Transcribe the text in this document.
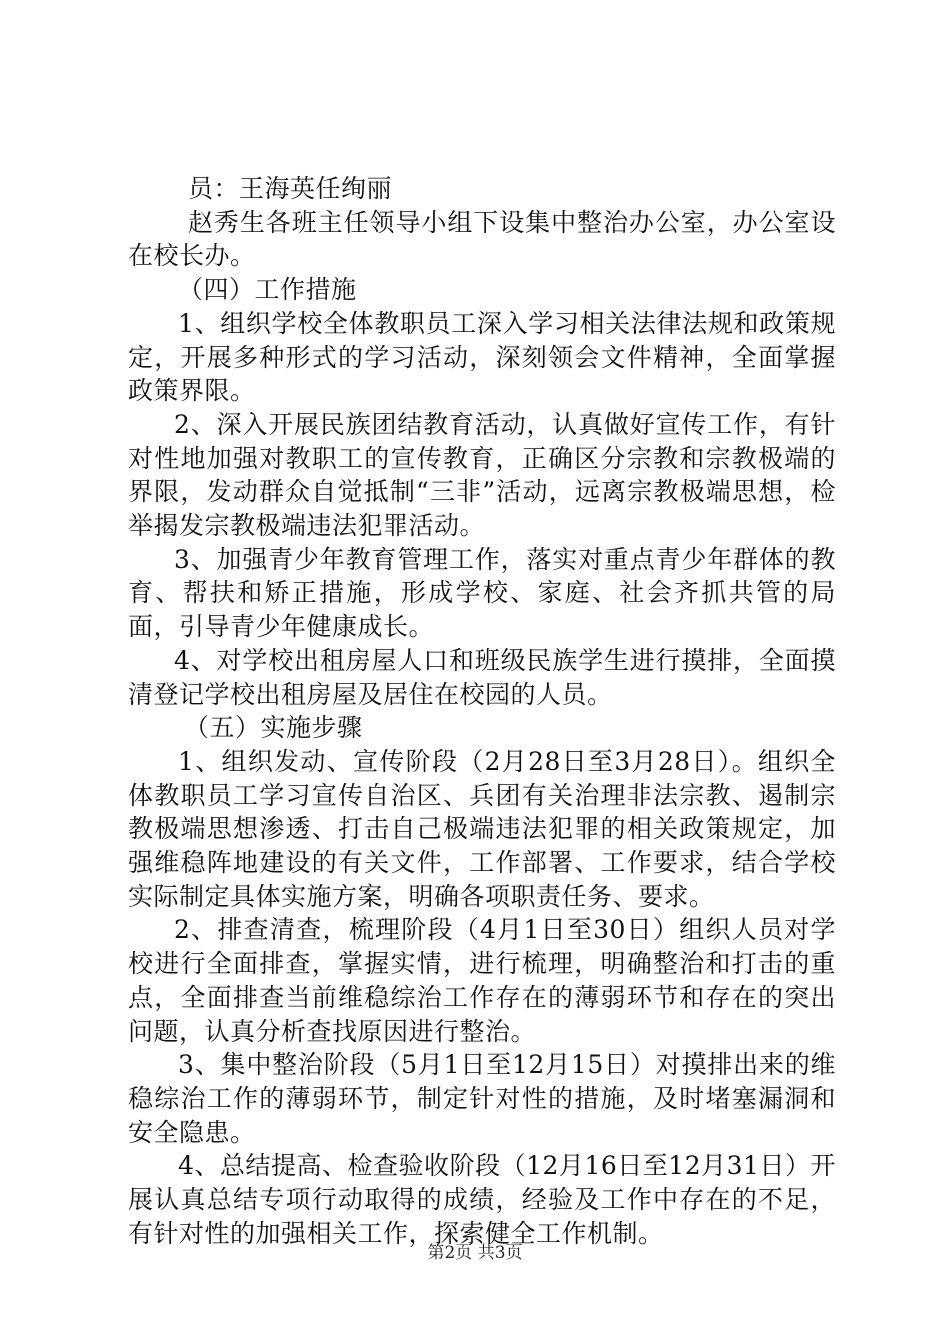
员：王海英任绚丽

赵秀生各班主任领导小组下设集中整治办公室，办公室设在校长办。

（四）工作措施

1、组织学校全体教职员工深入学习相关法律法规和政策规定，开展多种形式的学习活动，深刻领会文件精神，全面掌握政策界限。

2、深入开展民族团结教育活动，认真做好宣传工作，有针对性地加强对教职工的宣传教育，正确区分宗教和宗教极端的界限，发动群众自觉抵制“三非”活动，远离宗教极端思想，检举揭发宗教极端违法犯罪活动。

3、加强青少年教育管理工作，落实对重点青少年群体的教育、帮扶和矫正措施，形成学校、家庭、社会齐抓共管的局面，引导青少年健康成长。

4、对学校出租房屋人口和班级民族学生进行摸排，全面摸清登记学校出租房屋及居住在校园的人员。

（五）实施步骤

1、组织发动、宣传阶段（2月28日至3月28日）。组织全体教职员工学习宣传自治区、兵团有关治理非法宗教、遏制宗教极端思想渗透、打击自己极端违法犯罪的相关政策规定，加强维稳阵地建设的有关文件，工作部署、工作要求，结合学校实际制定具体实施方案，明确各项职责任务、要求。

2、排查清查，梳理阶段（4月1日至30日）组织人员对学校进行全面排查，掌握实情，进行梳理，明确整治和打击的重点，全面排查当前维稳综治工作存在的薄弱环节和存在的突出问题，认真分析查找原因进行整治。

3、集中整治阶段（5月1日至12月15日）对摸排出来的维稳综治工作的薄弱环节，制定针对性的措施，及时堵塞漏洞和安全隐患。

4、总结提高、检查验收阶段（12月16日至12月31日）开展认真总结专项行动取得的成绩，经验及工作中存在的不足，有针对性的加强相关工作，探索健全工作机制。

第2页 共3页
